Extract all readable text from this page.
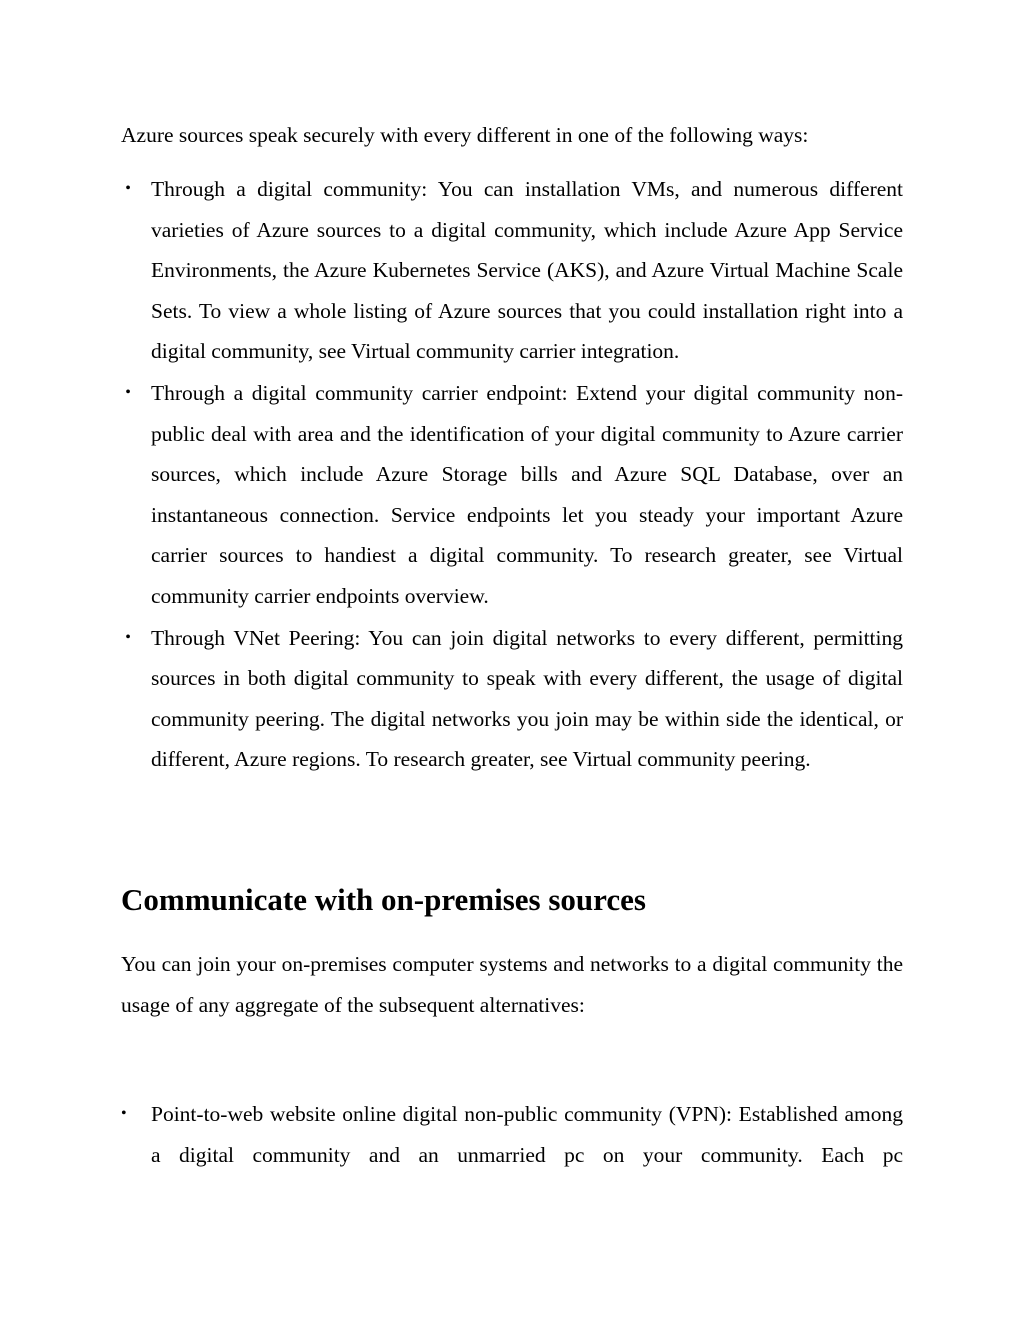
Azure sources speak securely with every different in one of the following ways:

• Through a digital community: You can installation VMs, and numerous different varieties of Azure sources to a digital community, which include Azure App Service Environments, the Azure Kubernetes Service (AKS), and Azure Virtual Machine Scale Sets. To view a whole listing of Azure sources that you could installation right into a digital community, see Virtual community carrier integration.
• Through a digital community carrier endpoint: Extend your digital community non-public deal with area and the identification of your digital community to Azure carrier sources, which include Azure Storage bills and Azure SQL Database, over an instantaneous connection. Service endpoints let you steady your important Azure carrier sources to handiest a digital community. To research greater, see Virtual community carrier endpoints overview.
• Through VNet Peering: You can join digital networks to every different, permitting sources in both digital community to speak with every different, the usage of digital community peering. The digital networks you join may be within side the identical, or different, Azure regions. To research greater, see Virtual community peering.
Communicate with on-premises sources

You can join your on-premises computer systems and networks to a digital community the usage of any aggregate of the subsequent alternatives:

•	Point-to-web website online digital non-public community (VPN): Established among a digital community and an unmarried pc on your community. Each pc
